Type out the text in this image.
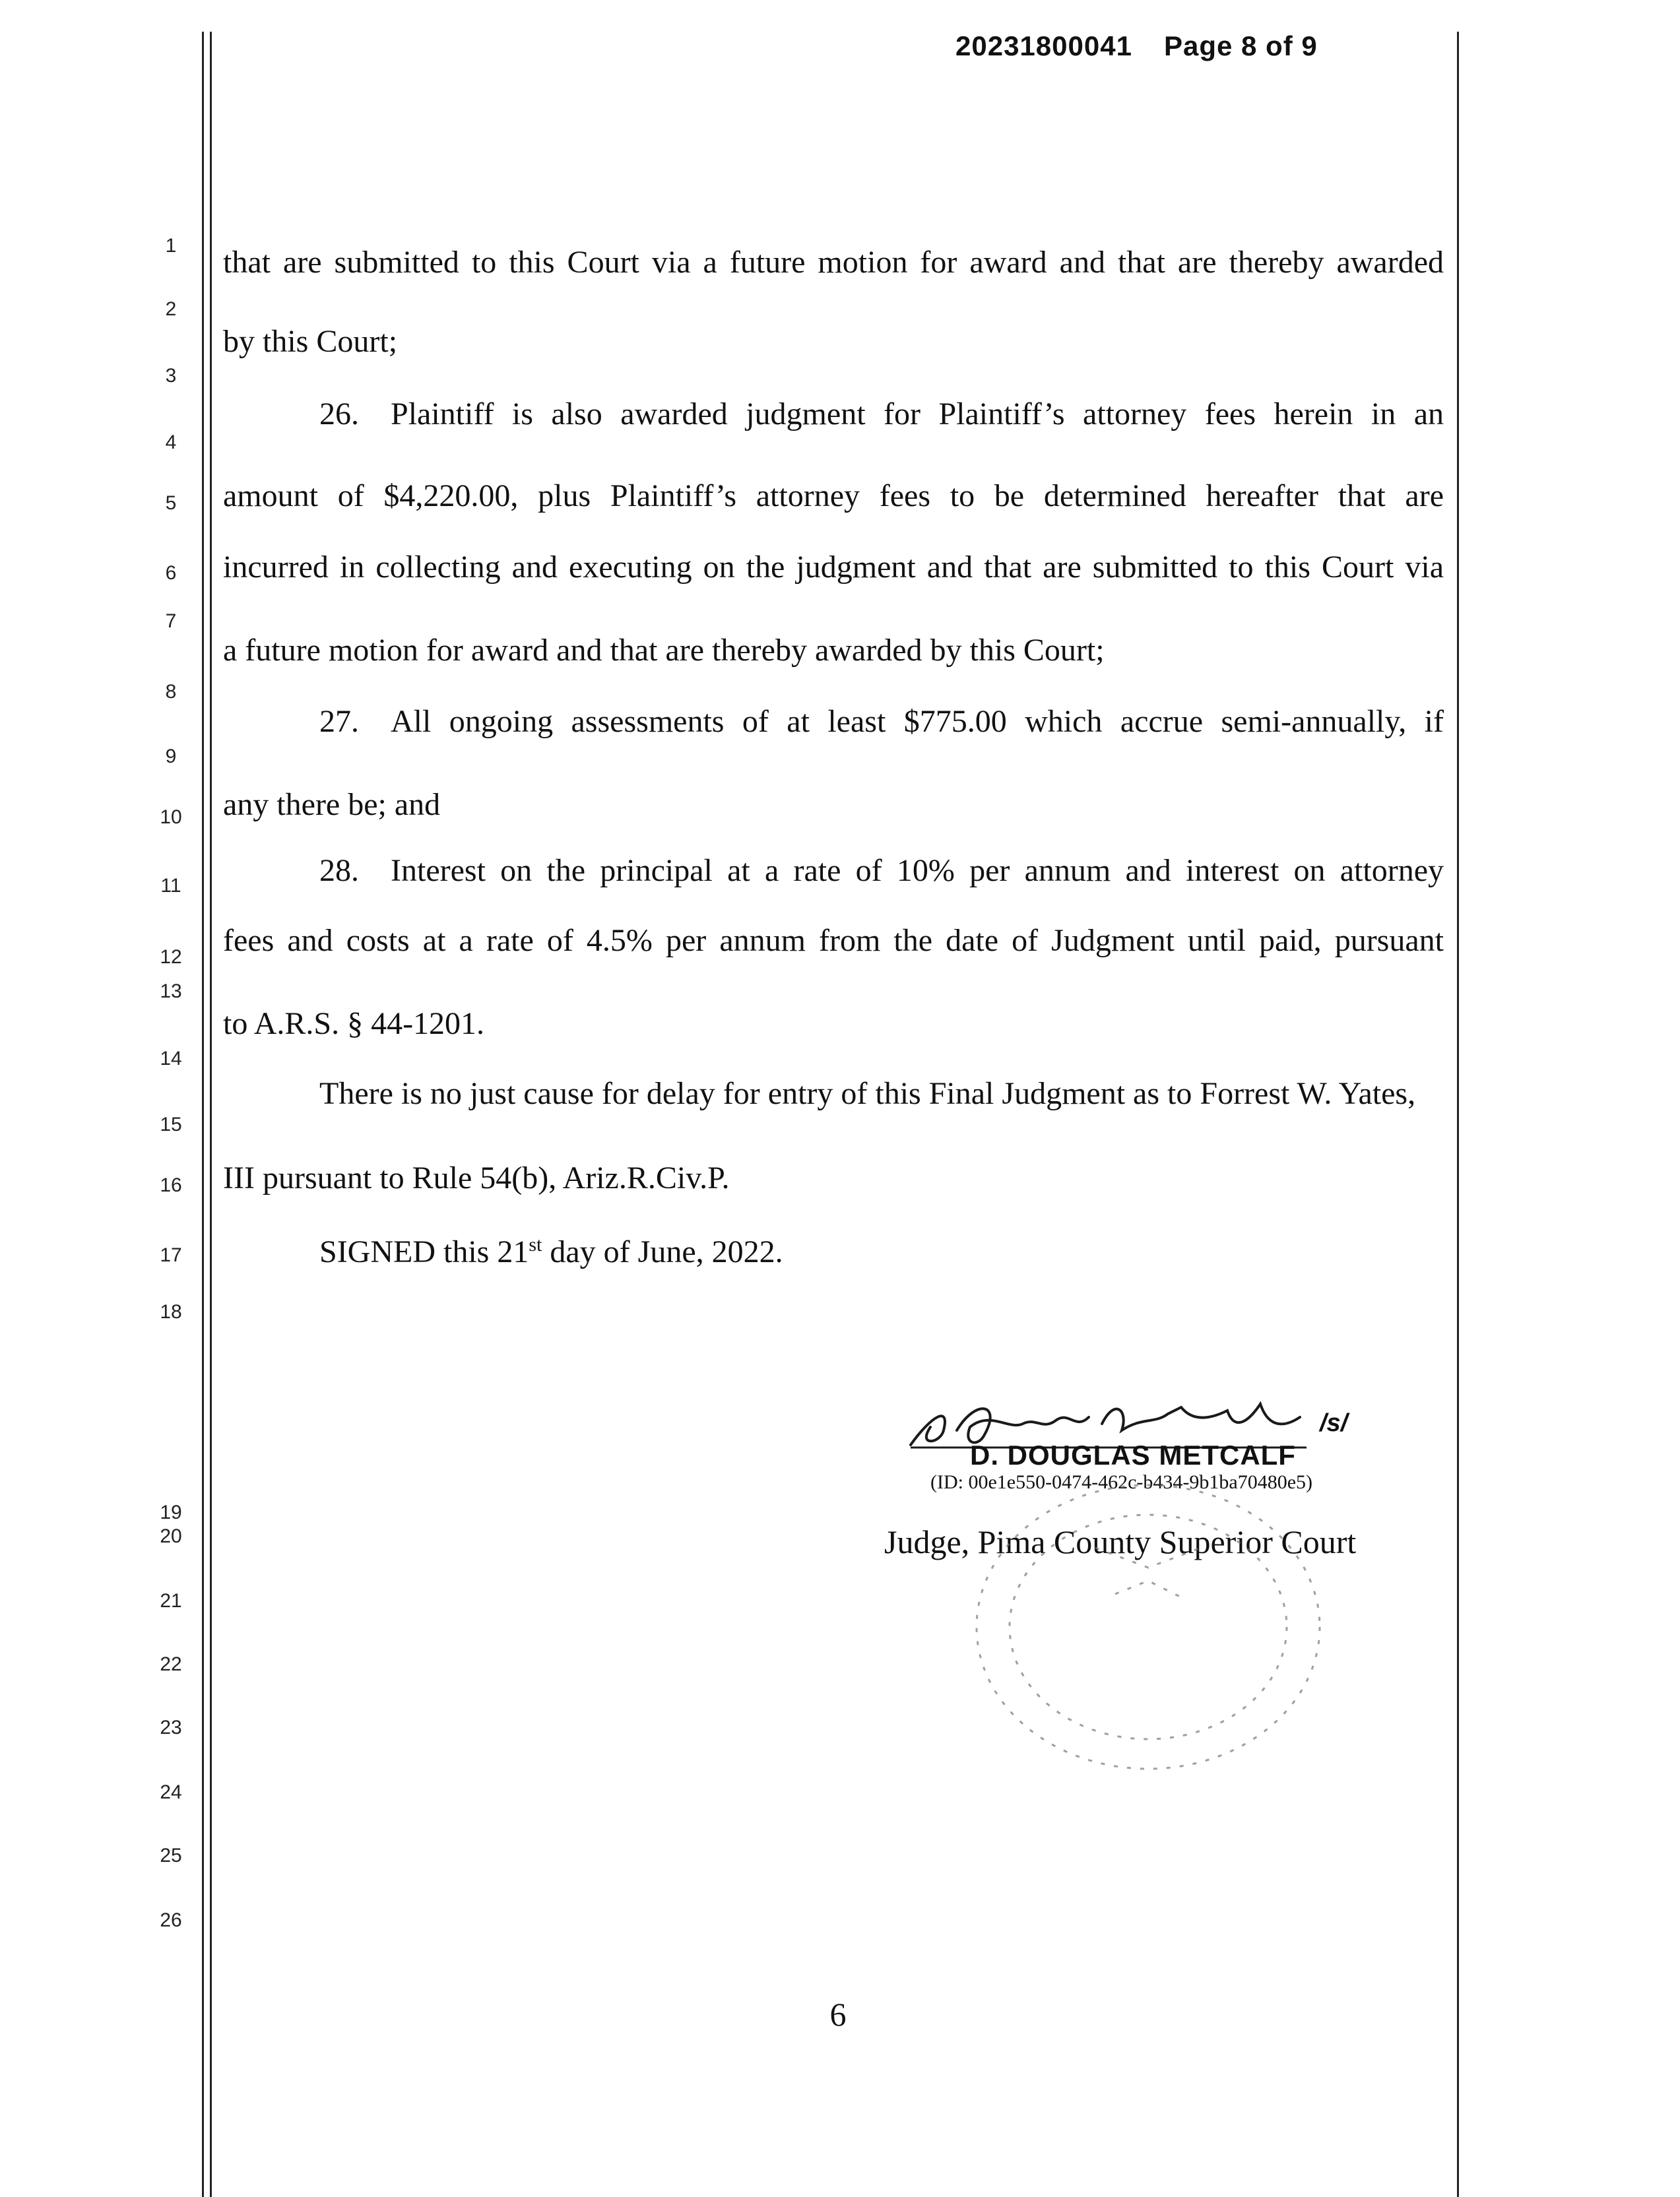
20231800041 Page 8 of 9
1
2
3
4
5
6
7
8
9
10
11
12
13
14
15
16
17
18
19
20
21
22
23
24
25
26
that are submitted to this Court via a future motion for award and that are thereby awarded
by this Court;
26. Plaintiff is also awarded judgment for Plaintiff’s attorney fees herein in an
amount of $4,220.00, plus Plaintiff’s attorney fees to be determined hereafter that are
incurred in collecting and executing on the judgment and that are submitted to this Court via
a future motion for award and that are thereby awarded by this Court;
27. All ongoing assessments of at least $775.00 which accrue semi-annually, if
any there be; and
28. Interest on the principal at a rate of 10% per annum and interest on attorney
fees and costs at a rate of 4.5% per annum from the date of Judgment until paid, pursuant
to A.R.S. § 44-1201.
There is no just cause for delay for entry of this Final Judgment as to Forrest W. Yates,
III pursuant to Rule 54(b), Ariz.R.Civ.P.
SIGNED this 21st day of June, 2022.
/s/
D. DOUGLAS METCALF
(ID: 00e1e550-0474-462c-b434-9b1ba70480e5)
Judge, Pima County Superior Court
6
